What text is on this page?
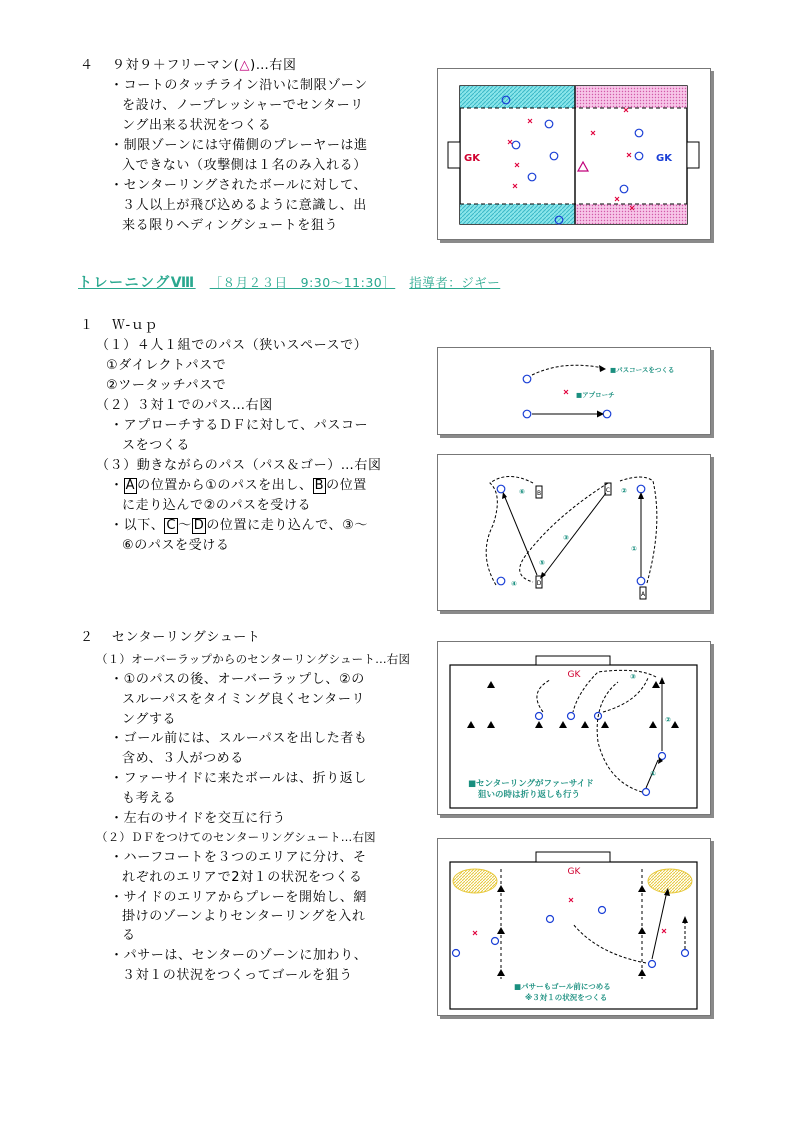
４　 ９対９＋フリーマン(△)…右図
・コートのタッチライン沿いに制限ゾーン
を設け、ノープレッシャーでセンターリ
ング出来る状況をつくる
・制限ゾーンには守備側のプレーヤーは進
入できない（攻撃側は１名のみ入れる）
・センターリングされたボールに対して、
３人以上が飛び込めるように意識し、出
来る限りヘディングシュートを狙う
GK	GK
トレーニングⅧ ［８月２３日　9:30〜11:30］ 指導者：ジギー
１　 Ｗ-ｕｐ
（１）４人１組でのパス（狭いスペースで）
①ダイレクトパスで
②ツータッチパスで
（２）３対１でのパス…右図
・アプローチするＤＦに対して、パスコー
スをつくる
（３）動きながらのパス（パス＆ゴー）…右図
・ A の位置から①のパスを出し、 B の位置
に走り込んで②のパスを受ける
・以下、 C 〜 D の位置に走り込んで、③〜
⑥のパスを受ける
■パスコースをつくる
■アプローチ
B	C
D
A
①
②
③
④
⑤
⑥
２　 センターリングシュート
（１）オーバーラップからのセンターリングシュート…右図
・①のパスの後、オーバーラップし、②の
スルーパスをタイミング良くセンターリ
ングする
・ゴール前には、スルーパスを出した者も
含め、３人がつめる
・ファーサイドに来たボールは、折り返し
も考える
・左右のサイドを交互に行う
（２）ＤＦをつけてのセンターリングシュート…右図
・ハーフコートを３つのエリアに分け、そ
れぞれのエリアで2対１の状況をつくる
・サイドのエリアからプレーを開始し、網
掛けのゾーンよりセンターリングを入れ
る
・パサーは、センターのゾーンに加わり、
３対１の状況をつくってゴールを狙う
GK
①
②
③
■センターリングがファーサイド
狙いの時は折り返しも行う
GK
■パサーもゴール前につめる
※３対１の状況をつくる
